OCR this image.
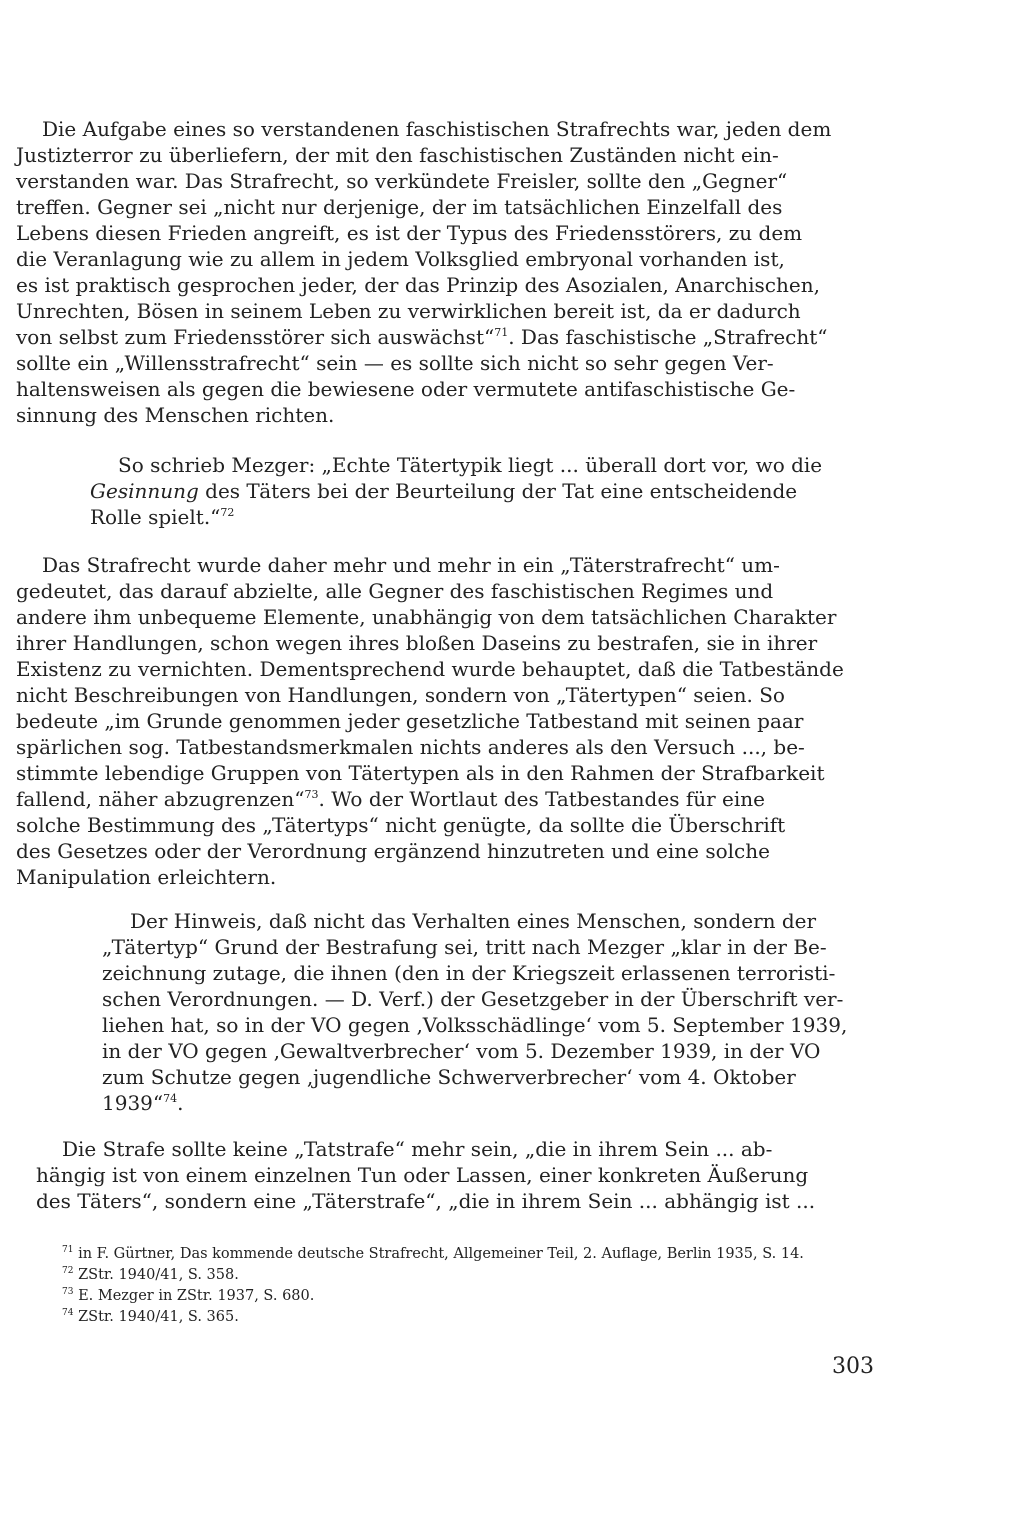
Die Aufgabe eines so verstandenen faschistischen Strafrechts war, jeden dem
Justizterror zu überliefern, der mit den faschistischen Zuständen nicht ein-
verstanden war. Das Strafrecht, so verkündete Freisler, sollte den „Gegner“
treffen. Gegner sei „nicht nur derjenige, der im tatsächlichen Einzelfall des
Lebens diesen Frieden angreift, es ist der Typus des Friedensstörers, zu dem
die Veranlagung wie zu allem in jedem Volksglied embryonal vorhanden ist,
es ist praktisch gesprochen jeder, der das Prinzip des Asozialen, Anarchischen,
Unrechten, Bösen in seinem Leben zu verwirklichen bereit ist, da er dadurch
von selbst zum Friedensstörer sich auswächst“$^{71}$. Das faschistische „Strafrecht“
sollte ein „Willensstrafrecht“ sein — es sollte sich nicht so sehr gegen Ver-
haltensweisen als gegen die bewiesene oder vermutete antifaschistische Ge-
sinnung des Menschen richten.
So schrieb Mezger: „Echte Tätertypik liegt ... überall dort vor, wo die
Gesinnung des Täters bei der Beurteilung der Tat eine entscheidende
Rolle spielt.“$^{72}$
Das Strafrecht wurde daher mehr und mehr in ein „Täterstrafrecht“ um-
gedeutet, das darauf abzielte, alle Gegner des faschistischen Regimes und
andere ihm unbequeme Elemente, unabhängig von dem tatsächlichen Charakter
ihrer Handlungen, schon wegen ihres bloßen Daseins zu bestrafen, sie in ihrer
Existenz zu vernichten. Dementsprechend wurde behauptet, daß die Tatbestände
nicht Beschreibungen von Handlungen, sondern von „Tätertypen“ seien. So
bedeute „im Grunde genommen jeder gesetzliche Tatbestand mit seinen paar
spärlichen sog. Tatbestandsmerkmalen nichts anderes als den Versuch ..., be-
stimmte lebendige Gruppen von Tätertypen als in den Rahmen der Strafbarkeit
fallend, näher abzugrenzen“$^{73}$. Wo der Wortlaut des Tatbestandes für eine
solche Bestimmung des „Tätertyps“ nicht genügte, da sollte die Überschrift
des Gesetzes oder der Verordnung ergänzend hinzutreten und eine solche
Manipulation erleichtern.
Der Hinweis, daß nicht das Verhalten eines Menschen, sondern der
„Tätertyp“ Grund der Bestrafung sei, tritt nach Mezger „klar in der Be-
zeichnung zutage, die ihnen (den in der Kriegszeit erlassenen terroristi-
schen Verordnungen. — D. Verf.) der Gesetzgeber in der Überschrift ver-
liehen hat, so in der VO gegen ‚Volksschädlinge‘ vom 5. September 1939,
in der VO gegen ‚Gewaltverbrecher‘ vom 5. Dezember 1939, in der VO
zum Schutze gegen ‚jugendliche Schwerverbrecher‘ vom 4. Oktober
1939“$^{74}$.
Die Strafe sollte keine „Tatstrafe“ mehr sein, „die in ihrem Sein ... ab-
hängig ist von einem einzelnen Tun oder Lassen, einer konkreten Äußerung
des Täters“, sondern eine „Täterstrafe“, „die in ihrem Sein ... abhängig ist ...
$^{71}$ in F. Gürtner, Das kommende deutsche Strafrecht, Allgemeiner Teil, 2. Auflage, Berlin 1935, S. 14.
$^{72}$ ZStr. 1940/41, S. 358.
$^{73}$ E. Mezger in ZStr. 1937, S. 680.
$^{74}$ ZStr. 1940/41, S. 365.
303
